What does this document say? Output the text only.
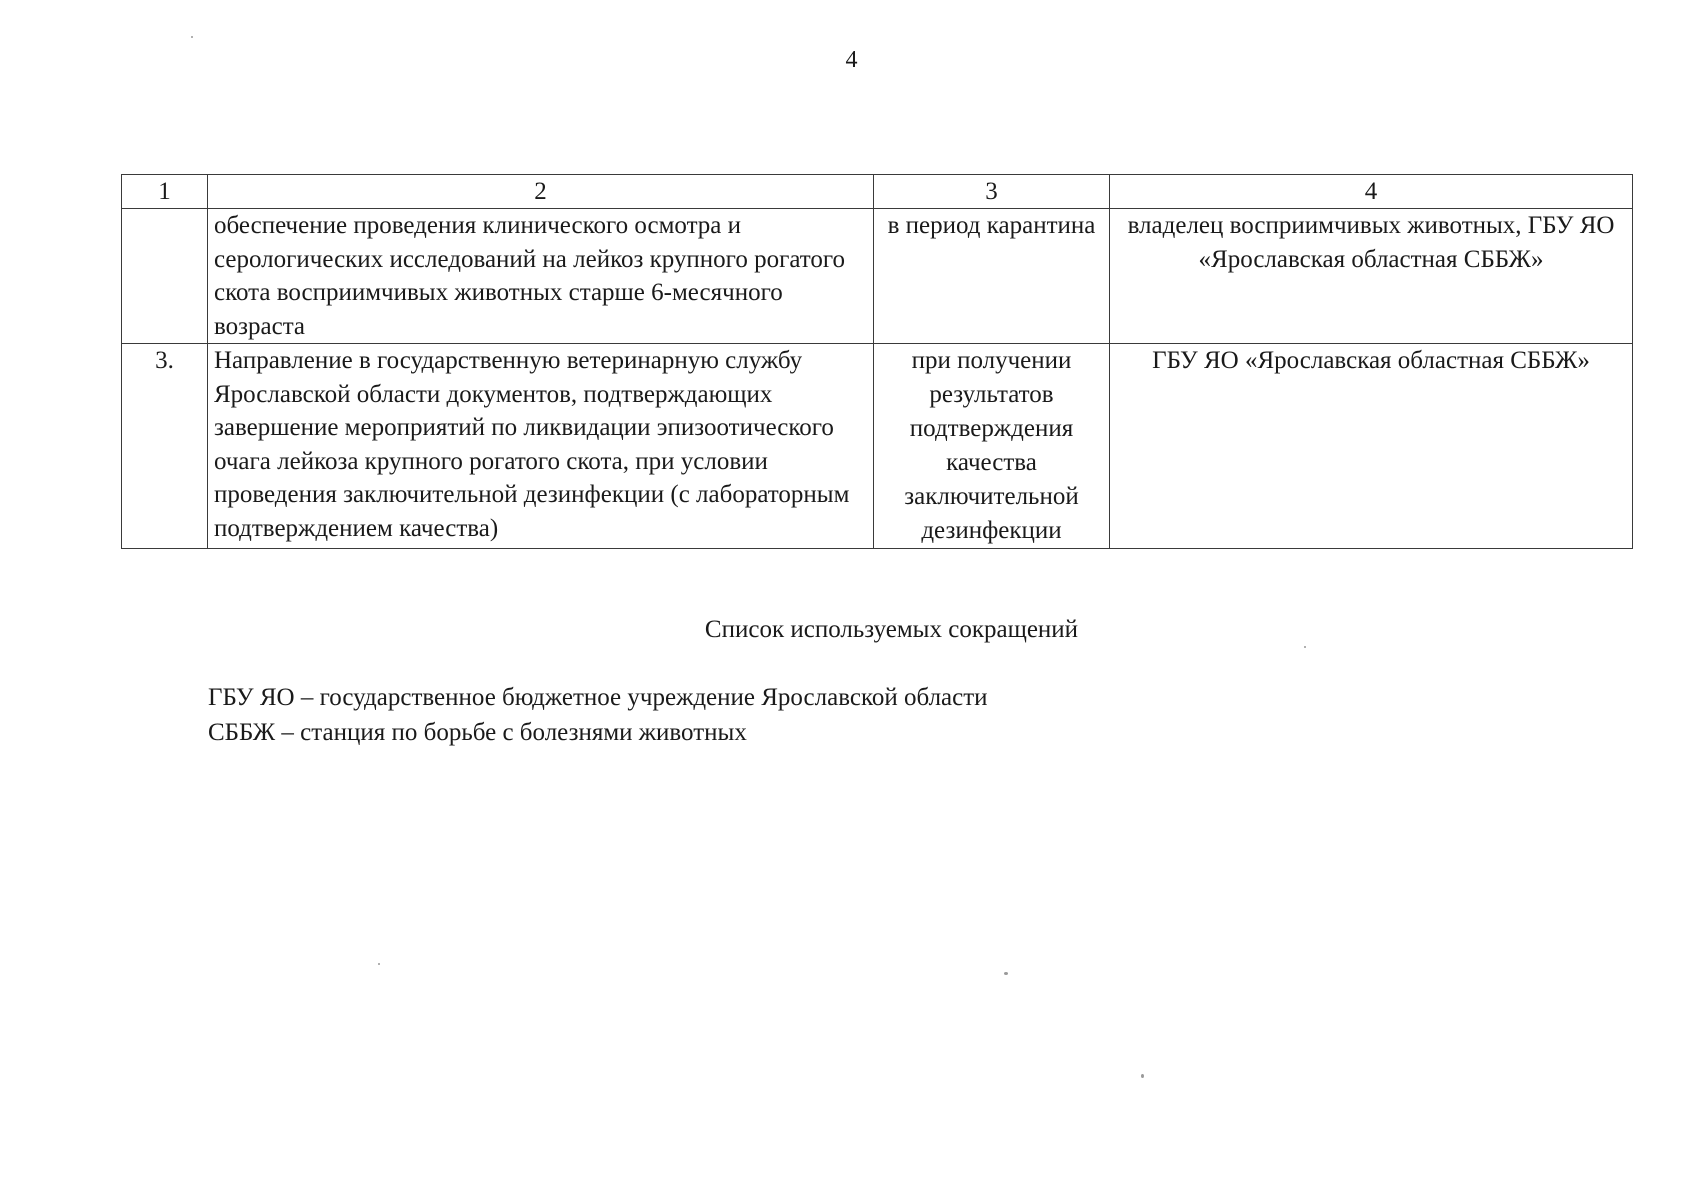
4
1	2	3	4
	обеспечение проведения клинического осмотра и серологических исследований на лейкоз крупного рогатого скота восприимчивых животных старше 6-месячного возраста	в период карантина	владелец восприимчивых животных, ГБУ ЯО «Ярославская областная СББЖ»
3.	Направление в государственную ветеринарную службу Ярославской области документов, подтверждающих завершение мероприятий по ликвидации эпизоотического очага лейкоза крупного рогатого скота, при условии проведения заключительной дезинфекции (с лабораторным подтверждением качества)	при получении результатов подтверждения качества заключительной дезинфекции	ГБУ ЯО «Ярославская областная СББЖ»
Список используемых сокращений
ГБУ ЯО – государственное бюджетное учреждение Ярославской области
СББЖ – станция по борьбе с болезнями животных
